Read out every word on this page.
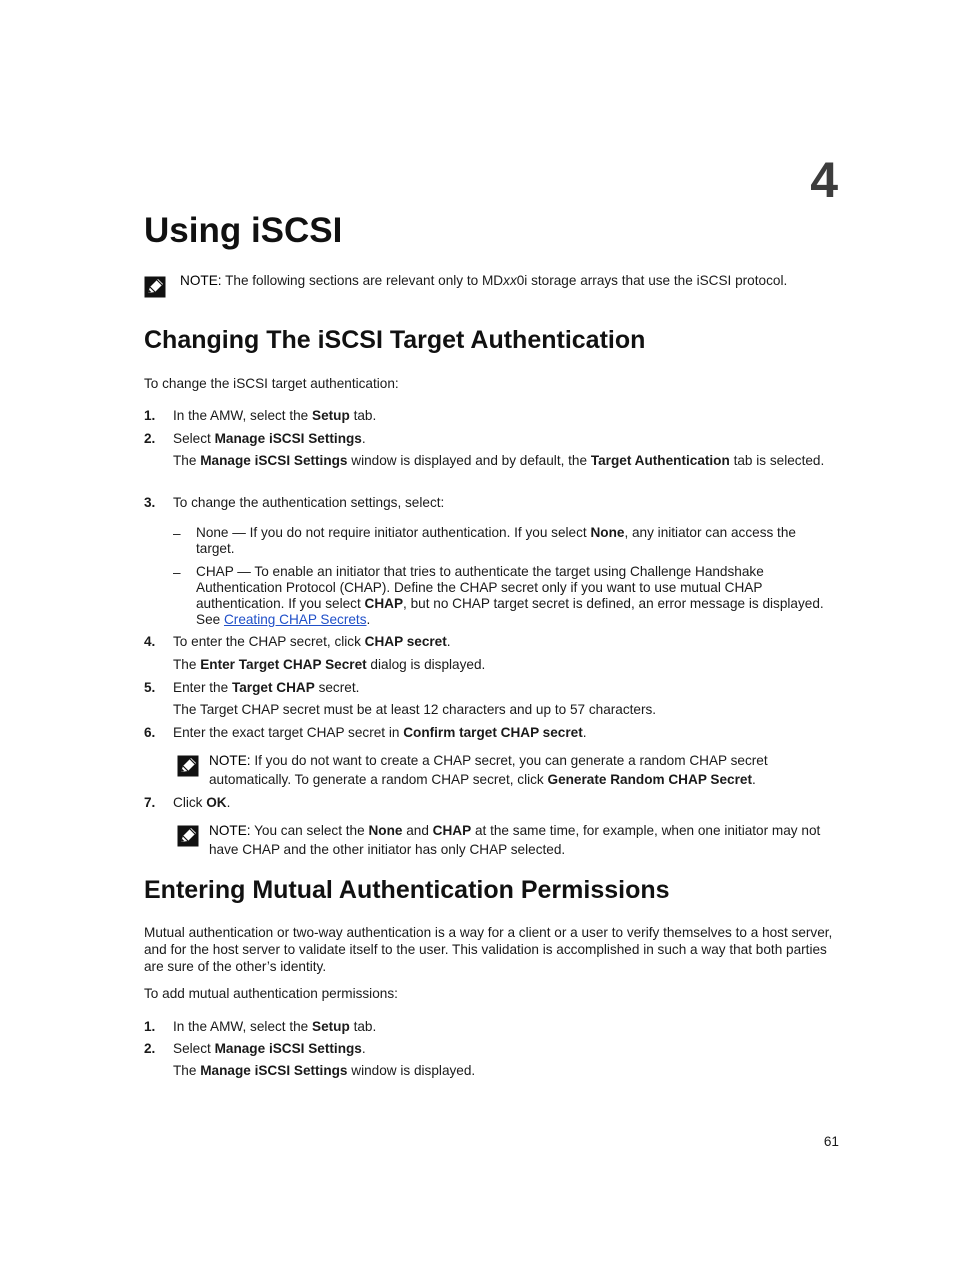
4
Using iSCSI

NOTE: The following sections are relevant only to MDxx0i storage arrays that use the iSCSI protocol.

Changing The iSCSI Target Authentication

To change the iSCSI target authentication:

1.	In the AMW, select the Setup tab.

2.	Select Manage iSCSI Settings.

The Manage iSCSI Settings window is displayed and by default, the Target Authentication tab is selected.

3.	To change the authentication settings, select:

–	None — If you do not require initiator authentication. If you select None, any initiator can access the target.

–	CHAP — To enable an initiator that tries to authenticate the target using Challenge Handshake Authentication Protocol (CHAP). Define the CHAP secret only if you want to use mutual CHAP authentication. If you select CHAP, but no CHAP target secret is defined, an error message is displayed. See Creating CHAP Secrets.

4.	To enter the CHAP secret, click CHAP secret.

The Enter Target CHAP Secret dialog is displayed.

5.	Enter the Target CHAP secret.

The Target CHAP secret must be at least 12 characters and up to 57 characters.

6.	Enter the exact target CHAP secret in Confirm target CHAP secret.

NOTE: If you do not want to create a CHAP secret, you can generate a random CHAP secret automatically. To generate a random CHAP secret, click Generate Random CHAP Secret.

7.	Click OK.

NOTE: You can select the None and CHAP at the same time, for example, when one initiator may not have CHAP and the other initiator has only CHAP selected.

Entering Mutual Authentication Permissions

Mutual authentication or two-way authentication is a way for a client or a user to verify themselves to a host server, and for the host server to validate itself to the user. This validation is accomplished in such a way that both parties are sure of the other’s identity.

To add mutual authentication permissions:

1.	In the AMW, select the Setup tab.

2.	Select Manage iSCSI Settings.

The Manage iSCSI Settings window is displayed.

61
